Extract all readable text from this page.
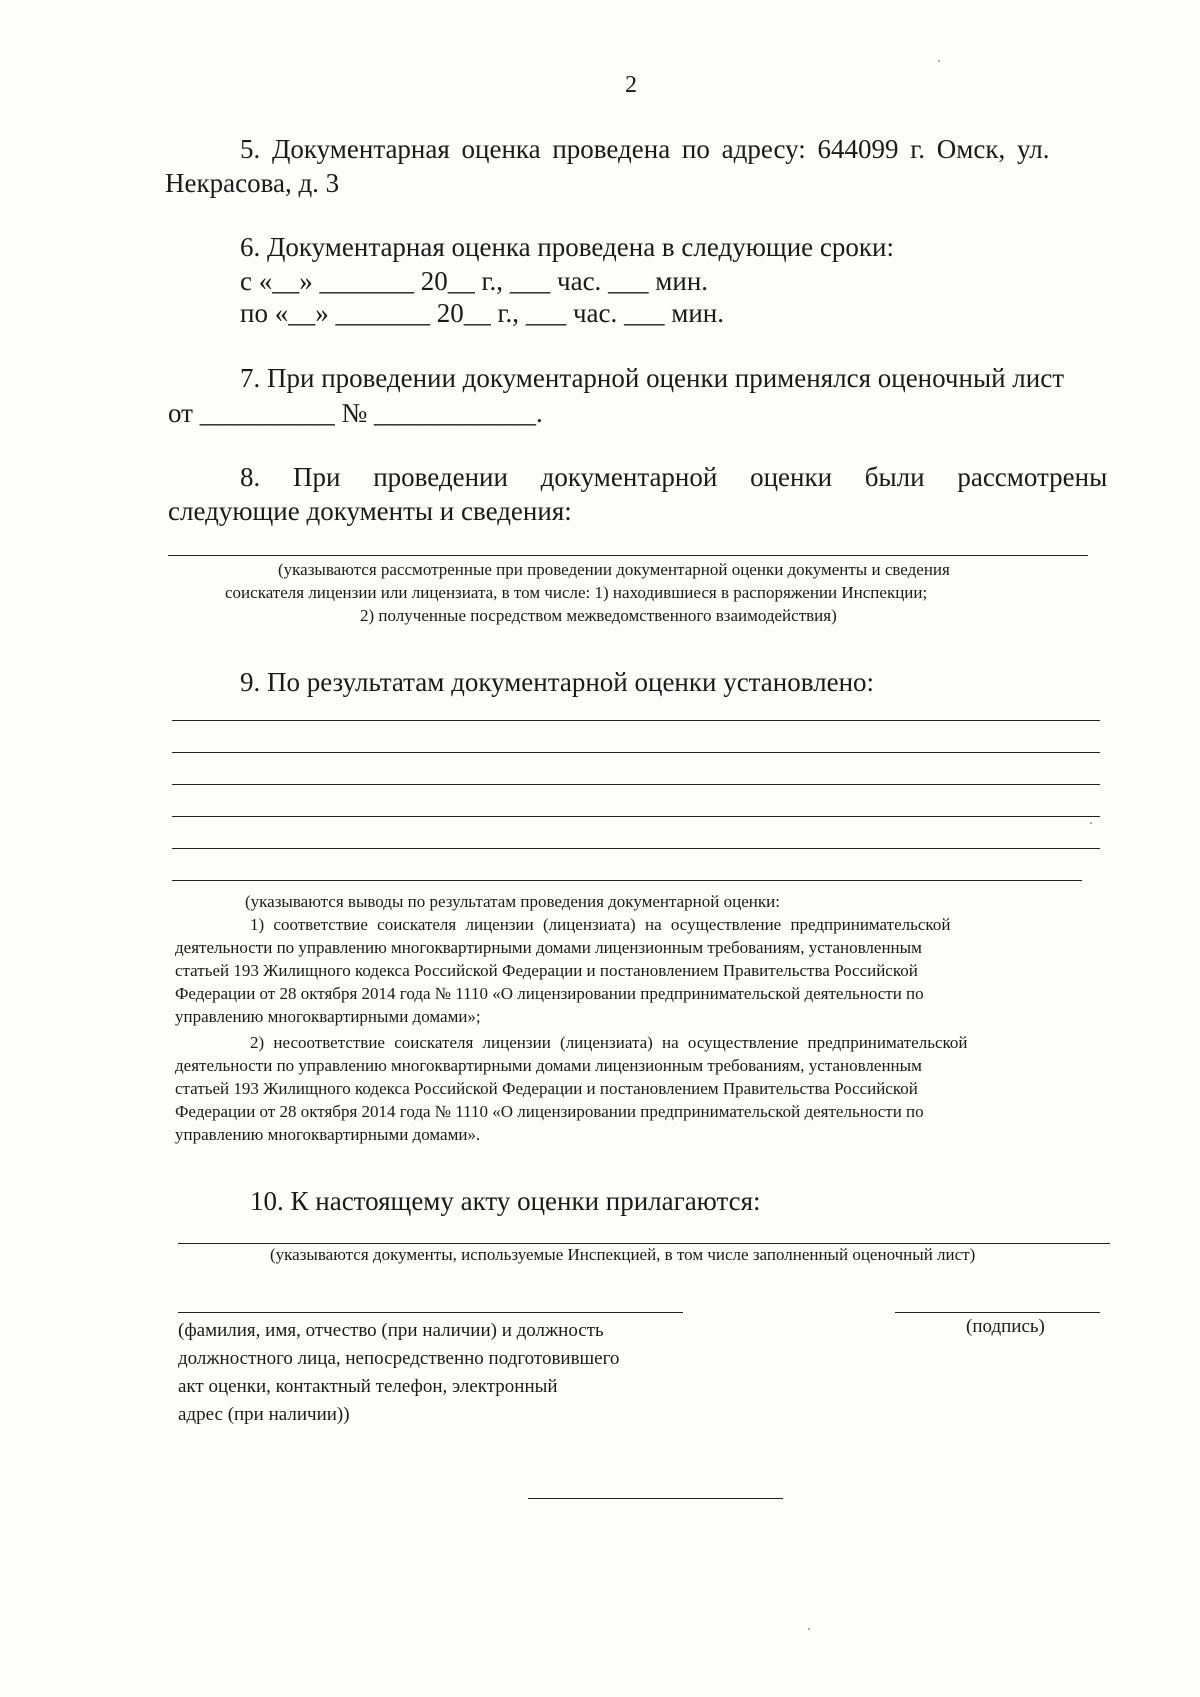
2
5. Документарная оценка проведена по адресу: 644099 г. Омск, ул.
Некрасова, д. 3
6. Документарная оценка проведена в следующие сроки:
с «__» _______ 20__ г., ___ час. ___ мин.
по «__» _______ 20__ г., ___ час. ___ мин.
7. При проведении документарной оценки применялся оценочный лист
от __________ № ____________.
8. При проведении документарной оценки были рассмотрены
следующие документы и сведения:
(указываются рассмотренные при проведении документарной оценки документы и сведения
соискателя лицензии или лицензиата, в том числе: 1) находившиеся в распоряжении Инспекции;
2) полученные посредством межведомственного взаимодействия)
9. По результатам документарной оценки установлено:
(указываются выводы по результатам проведения документарной оценки:
1) соответствие соискателя лицензии (лицензиата) на осуществление предпринимательской
деятельности по управлению многоквартирными домами лицензионным требованиям, установленным
статьей 193 Жилищного кодекса Российской Федерации и постановлением Правительства Российской
Федерации от 28 октября 2014 года № 1110 «О лицензировании предпринимательской деятельности по
управлению многоквартирными домами»;
2) несоответствие соискателя лицензии (лицензиата) на осуществление предпринимательской
деятельности по управлению многоквартирными домами лицензионным требованиям, установленным
статьей 193 Жилищного кодекса Российской Федерации и постановлением Правительства Российской
Федерации от 28 октября 2014 года № 1110 «О лицензировании предпринимательской деятельности по
управлению многоквартирными домами».
10. К настоящему акту оценки прилагаются:
(указываются документы, используемые Инспекцией, в том числе заполненный оценочный лист)
(фамилия, имя, отчество (при наличии) и должность
должностного лица, непосредственно подготовившего
акт оценки, контактный телефон, электронный
адрес (при наличии))
(подпись)
